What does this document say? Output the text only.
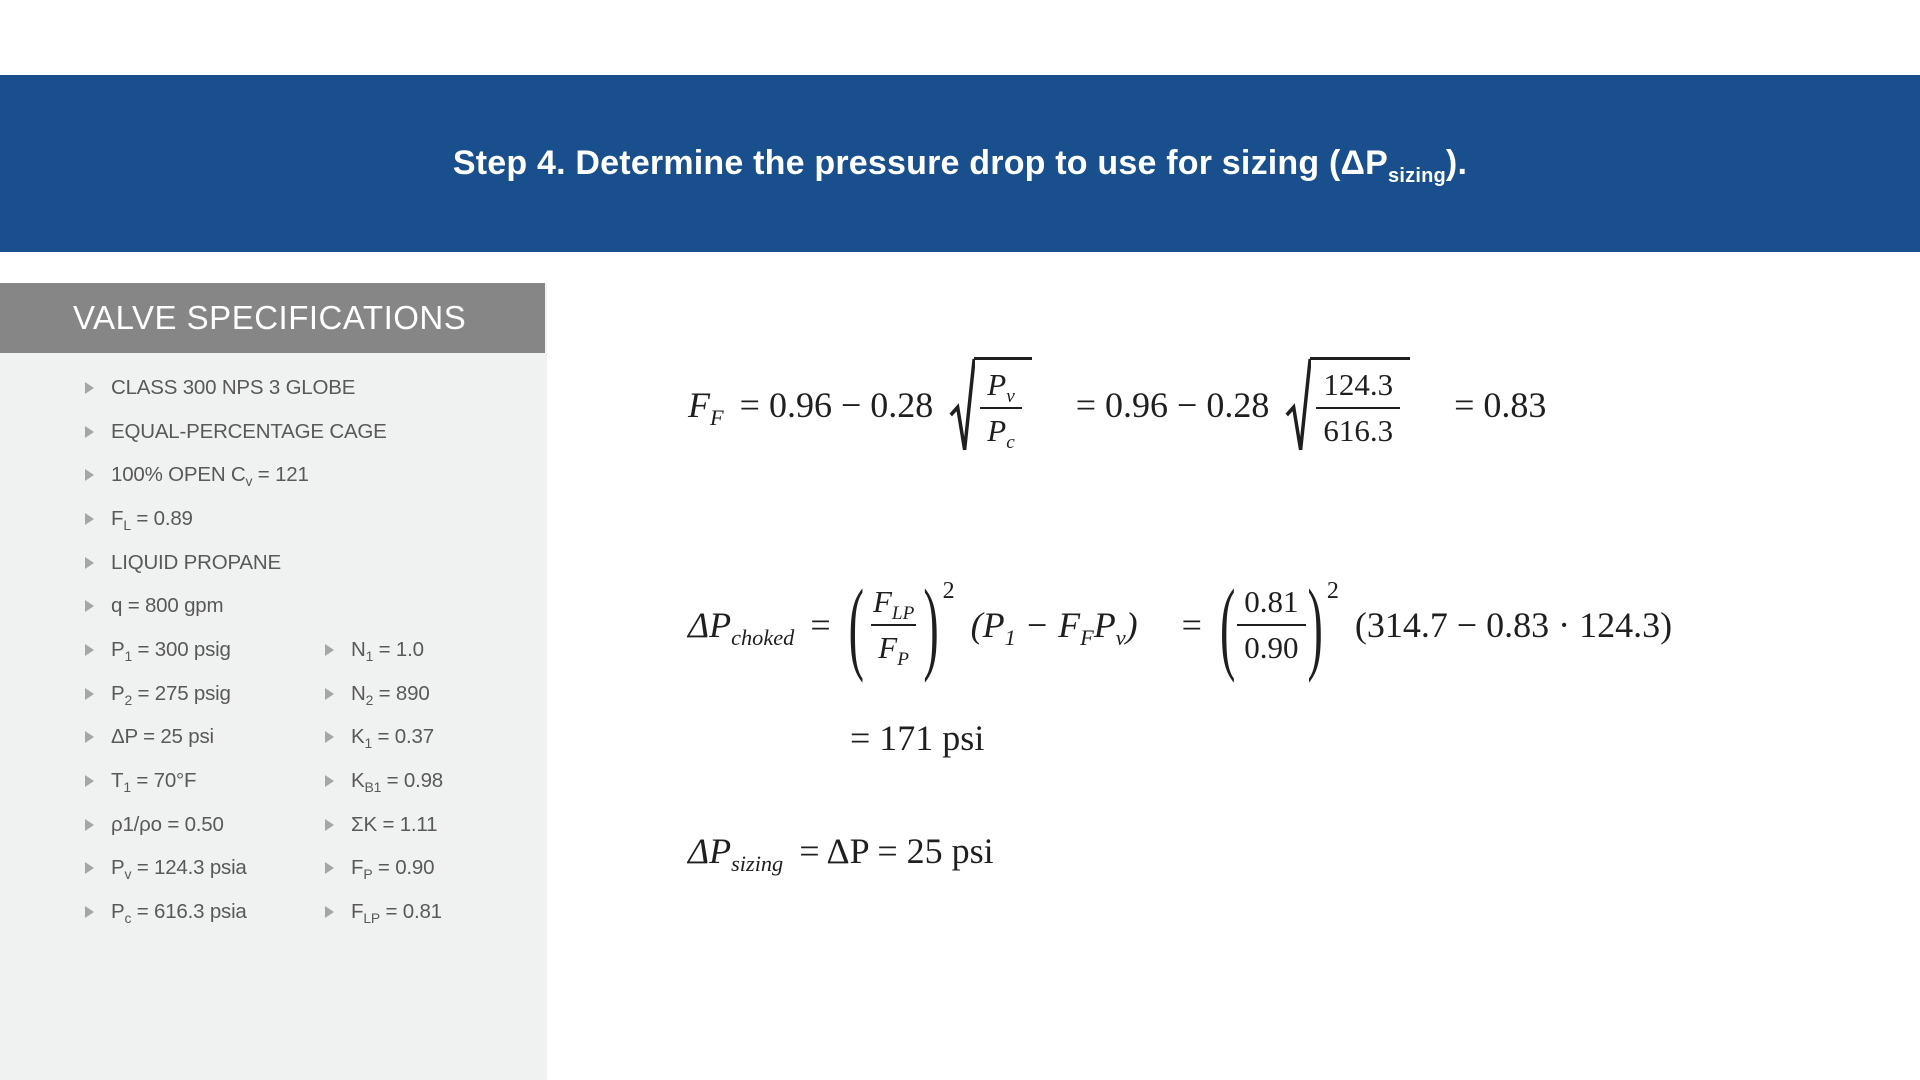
Step 4. Determine the pressure drop to use for sizing $(\Delta P_{sizing})$.
VALVE SPECIFICATIONS
CLASS 300 NPS 3 GLOBE
EQUAL-PERCENTAGE CAGE
100% OPEN $C_v = 121$
$F_L = 0.89$
LIQUID PROPANE
q = 800 gpm
$P_1 = 300$ psig	$N_1 = 1.0$
$P_2 = 275$ psig	$N_2 = 890$
ΔP = 25 psi	$K_1 = 0.37$
$T_1 = 70^\circ F$	$K_{B1} = 0.98$
ρ1/ρo = 0.50	ΣK = 1.11
$P_v = 124.3$ psia	$F_P = 0.90$
$P_c = 616.3$ psia	$F_{LP} = 0.81$
$F_F = 0.96 - 0.28 \frac{P_v}{P_c} = 0.96 - 0.28 \frac{124.3}{616.3} = 0.83$
$\Delta P_{choked}$ = ( $\frac{F_{LP}}{F_P}$ ) 2
$(P_1 - F_FP_v)$ = ( $\frac{0.81}{0.90}$ ) 2
(314.7 − 0.83 · 124.3)
= 171 psi
$\Delta P_{sizing} = \Delta P = 25$ psi
